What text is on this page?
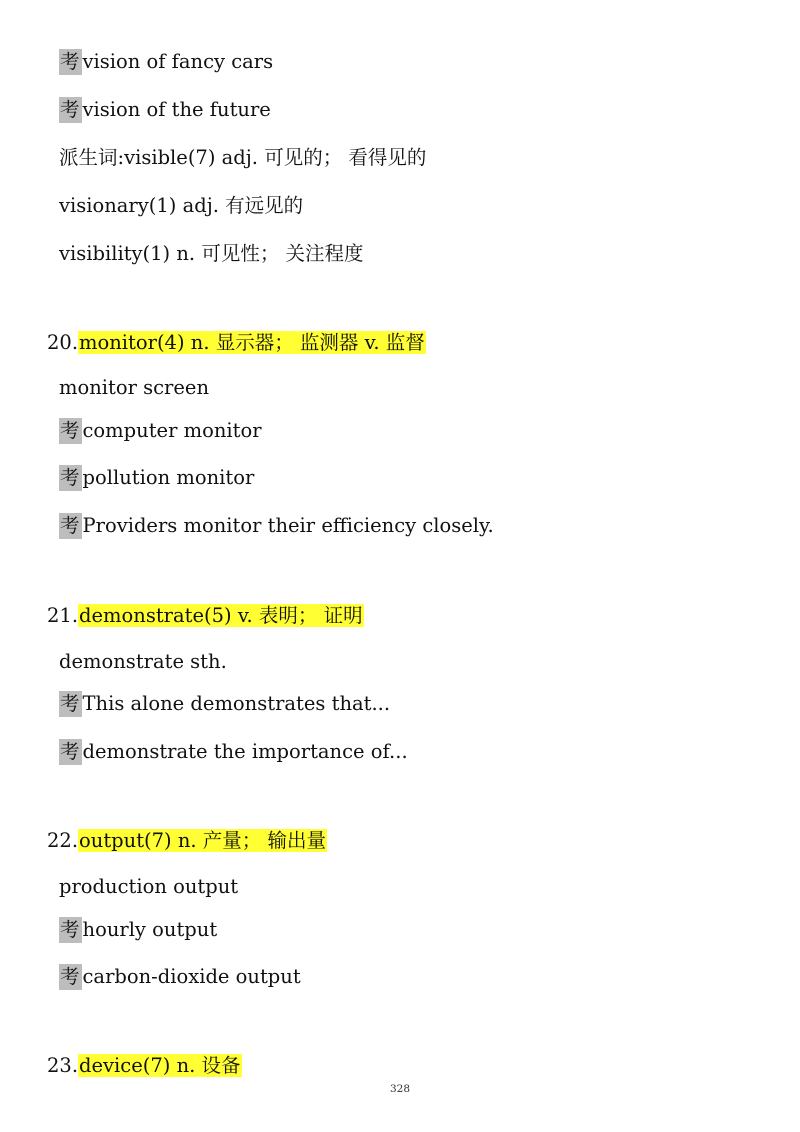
考 vision of fancy cars
考 vision of the future
派生词:visible(7) adj. 可见的； 看得见的
visionary(1) adj. 有远见的
visibility(1) n. 可见性； 关注程度
20.monitor(4) n. 显示器； 监测器 v. 监督
monitor screen
考 computer monitor
考 pollution monitor
考 Providers monitor their efficiency closely.
21.demonstrate(5) v. 表明； 证明
demonstrate sth.
考 This alone demonstrates that...
考 demonstrate the importance of...
22.output(7) n. 产量； 输出量
production output
考 hourly output
考 carbon-dioxide output
23.device(7) n. 设备
328
